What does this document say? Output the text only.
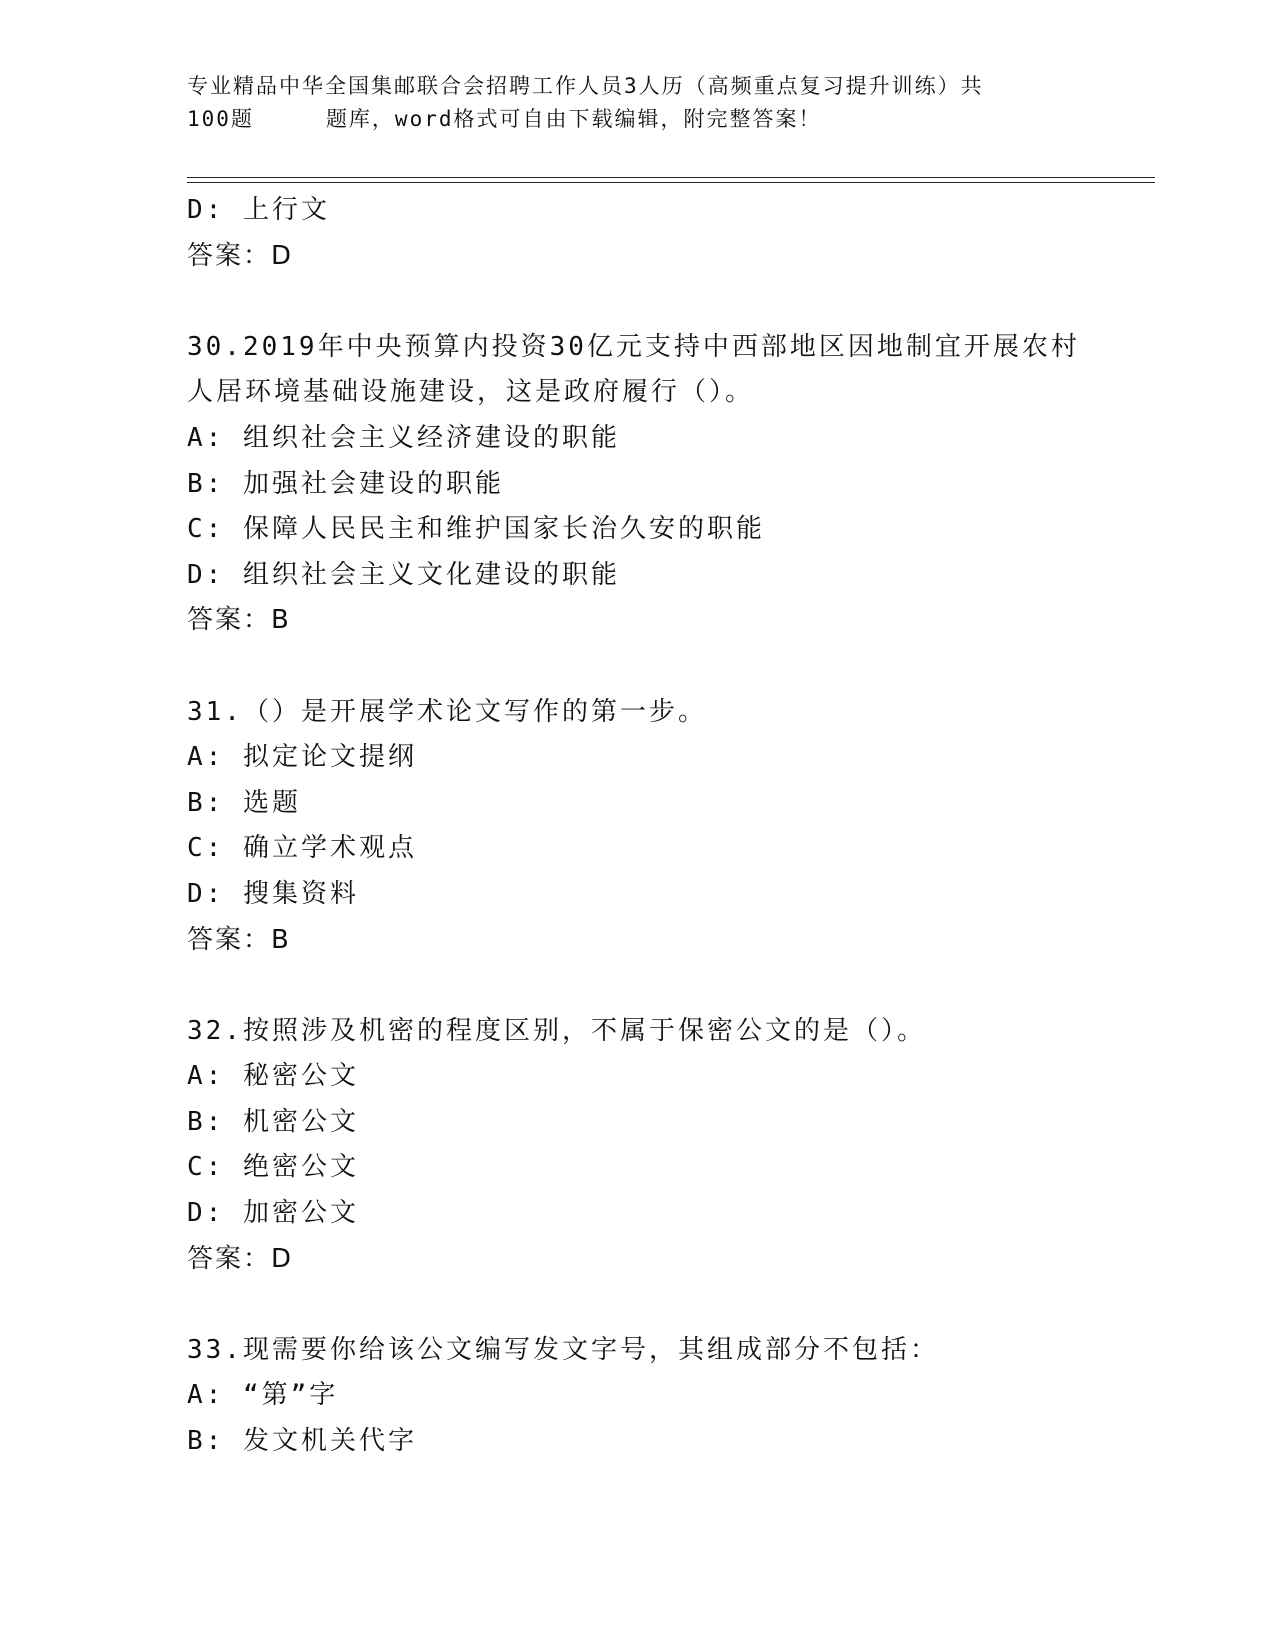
专业精品中华全国集邮联合会招聘工作人员3人历（高频重点复习提升训练）共
100题	题库，word格式可自由下载编辑，附完整答案！
D: 上行文
答案：D
30.2019年中央预算内投资30亿元支持中西部地区因地制宜开展农村
人居环境基础设施建设，这是政府履行（）。
A: 组织社会主义经济建设的职能
B: 加强社会建设的职能
C: 保障人民民主和维护国家长治久安的职能
D: 组织社会主义文化建设的职能
答案：B
31.（）是开展学术论文写作的第一步。
A: 拟定论文提纲
B: 选题
C: 确立学术观点
D: 搜集资料
答案：B
32.按照涉及机密的程度区别，不属于保密公文的是（）。
A: 秘密公文
B: 机密公文
C: 绝密公文
D: 加密公文
答案：D
33.现需要你给该公文编写发文字号，其组成部分不包括：
A: “第”字
B: 发文机关代字
